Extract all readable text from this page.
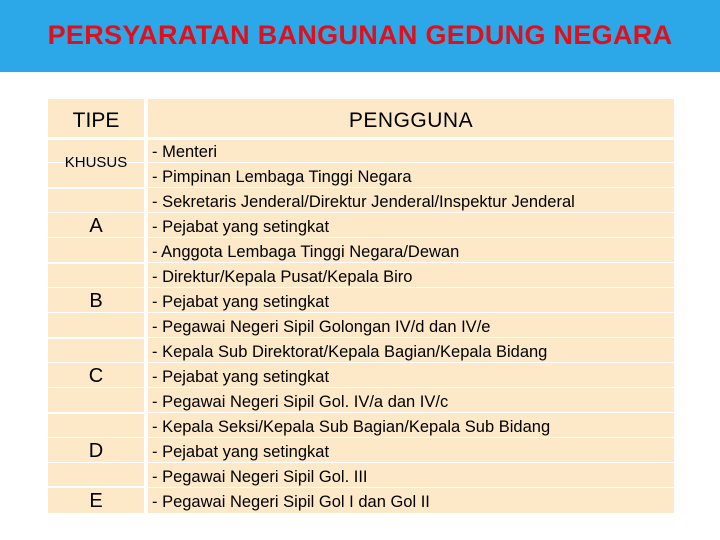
PERSYARATAN BANGUNAN GEDUNG NEGARA
TIPE	PENGGUNA
KHUSUS
A
B
C
D
E
- Menteri
- Pimpinan Lembaga Tinggi Negara
- Sekretaris Jenderal/Direktur Jenderal/Inspektur Jenderal
- Pejabat yang setingkat
- Anggota Lembaga Tinggi Negara/Dewan
- Direktur/Kepala Pusat/Kepala Biro
- Pejabat yang setingkat
- Pegawai Negeri Sipil Golongan IV/d dan IV/e
- Kepala Sub Direktorat/Kepala Bagian/Kepala Bidang
- Pejabat yang setingkat
- Pegawai Negeri Sipil Gol. IV/a dan IV/c
- Kepala Seksi/Kepala Sub Bagian/Kepala Sub Bidang
- Pejabat yang setingkat
- Pegawai Negeri Sipil Gol. III
- Pegawai Negeri Sipil Gol I dan Gol II
